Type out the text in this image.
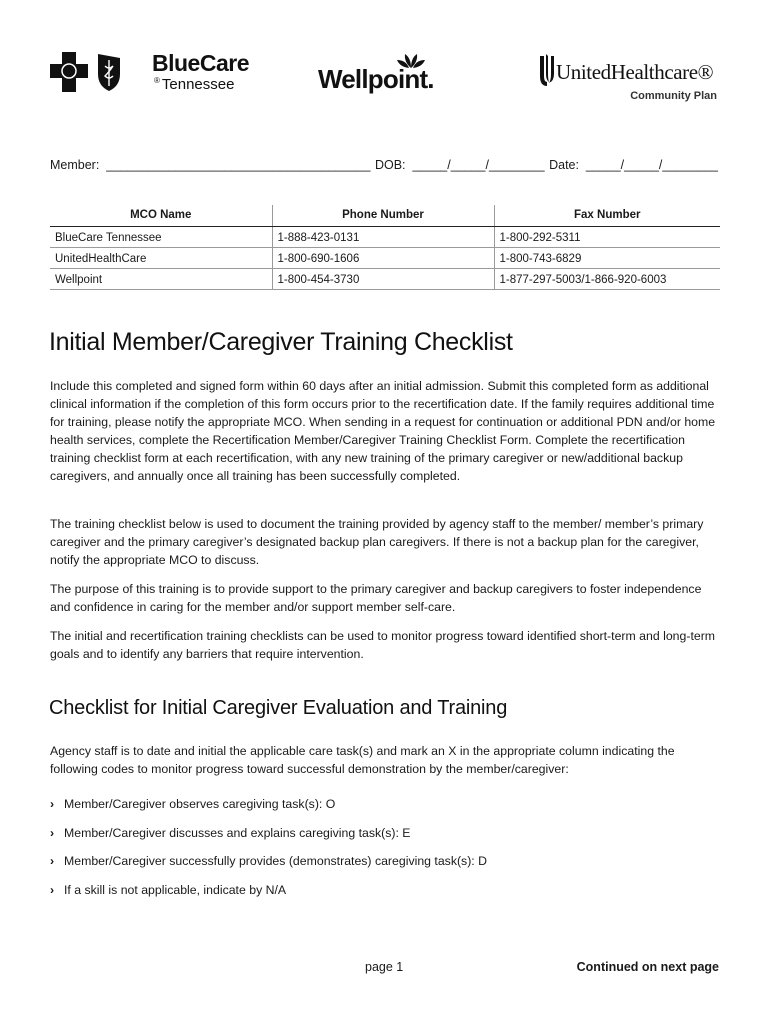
BlueCare
® Tennessee	Wellpoint.	UnitedHealthcare®
Community Plan
Member:  ______________________________________ DOB:  _____/_____/________ Date:  _____/_____/________
MCO Name	Phone Number	Fax Number
BlueCare Tennessee	1-888-423-0131	1-800-292-5311
UnitedHealthCare	1-800-690-1606	1-800-743-6829
Wellpoint	1-800-454-3730	1-877-297-5003/1-866-920-6003
Initial Member/Caregiver Training Checklist

Include this completed and signed form within 60 days after an initial admission. Submit this completed form as additional clinical information if the completion of this form occurs prior to the recertification date. If the family requires additional time for training, please notify the appropriate MCO. When sending in a request for continuation or additional PDN and/or home health services, complete the Recertification Member/Caregiver Training Checklist Form. Complete the recertification training checklist form at each recertification, with any new training of the primary caregiver or new/additional backup caregivers, and annually once all training has been successfully completed.

The training checklist below is used to document the training provided by agency staff to the member/ member’s primary caregiver and the primary caregiver’s designated backup plan caregivers. If there is not a backup plan for the caregiver, notify the appropriate MCO to discuss.

The purpose of this training is to provide support to the primary caregiver and backup caregivers to foster independence and confidence in caring for the member and/or support member self-care.

The initial and recertification training checklists can be used to monitor progress toward identified short-term and long-term goals and to identify any barriers that require intervention.

Checklist for Initial Caregiver Evaluation and Training

Agency staff is to date and initial the applicable care task(s) and mark an X in the appropriate column indicating the following codes to monitor progress toward successful demonstration by the member/caregiver:

› Member/Caregiver observes caregiving task(s): O
› Member/Caregiver discusses and explains caregiving task(s): E
› Member/Caregiver successfully provides (demonstrates) caregiving task(s): D
› If a skill is not applicable, indicate by N/A
page 1	Continued on next page
